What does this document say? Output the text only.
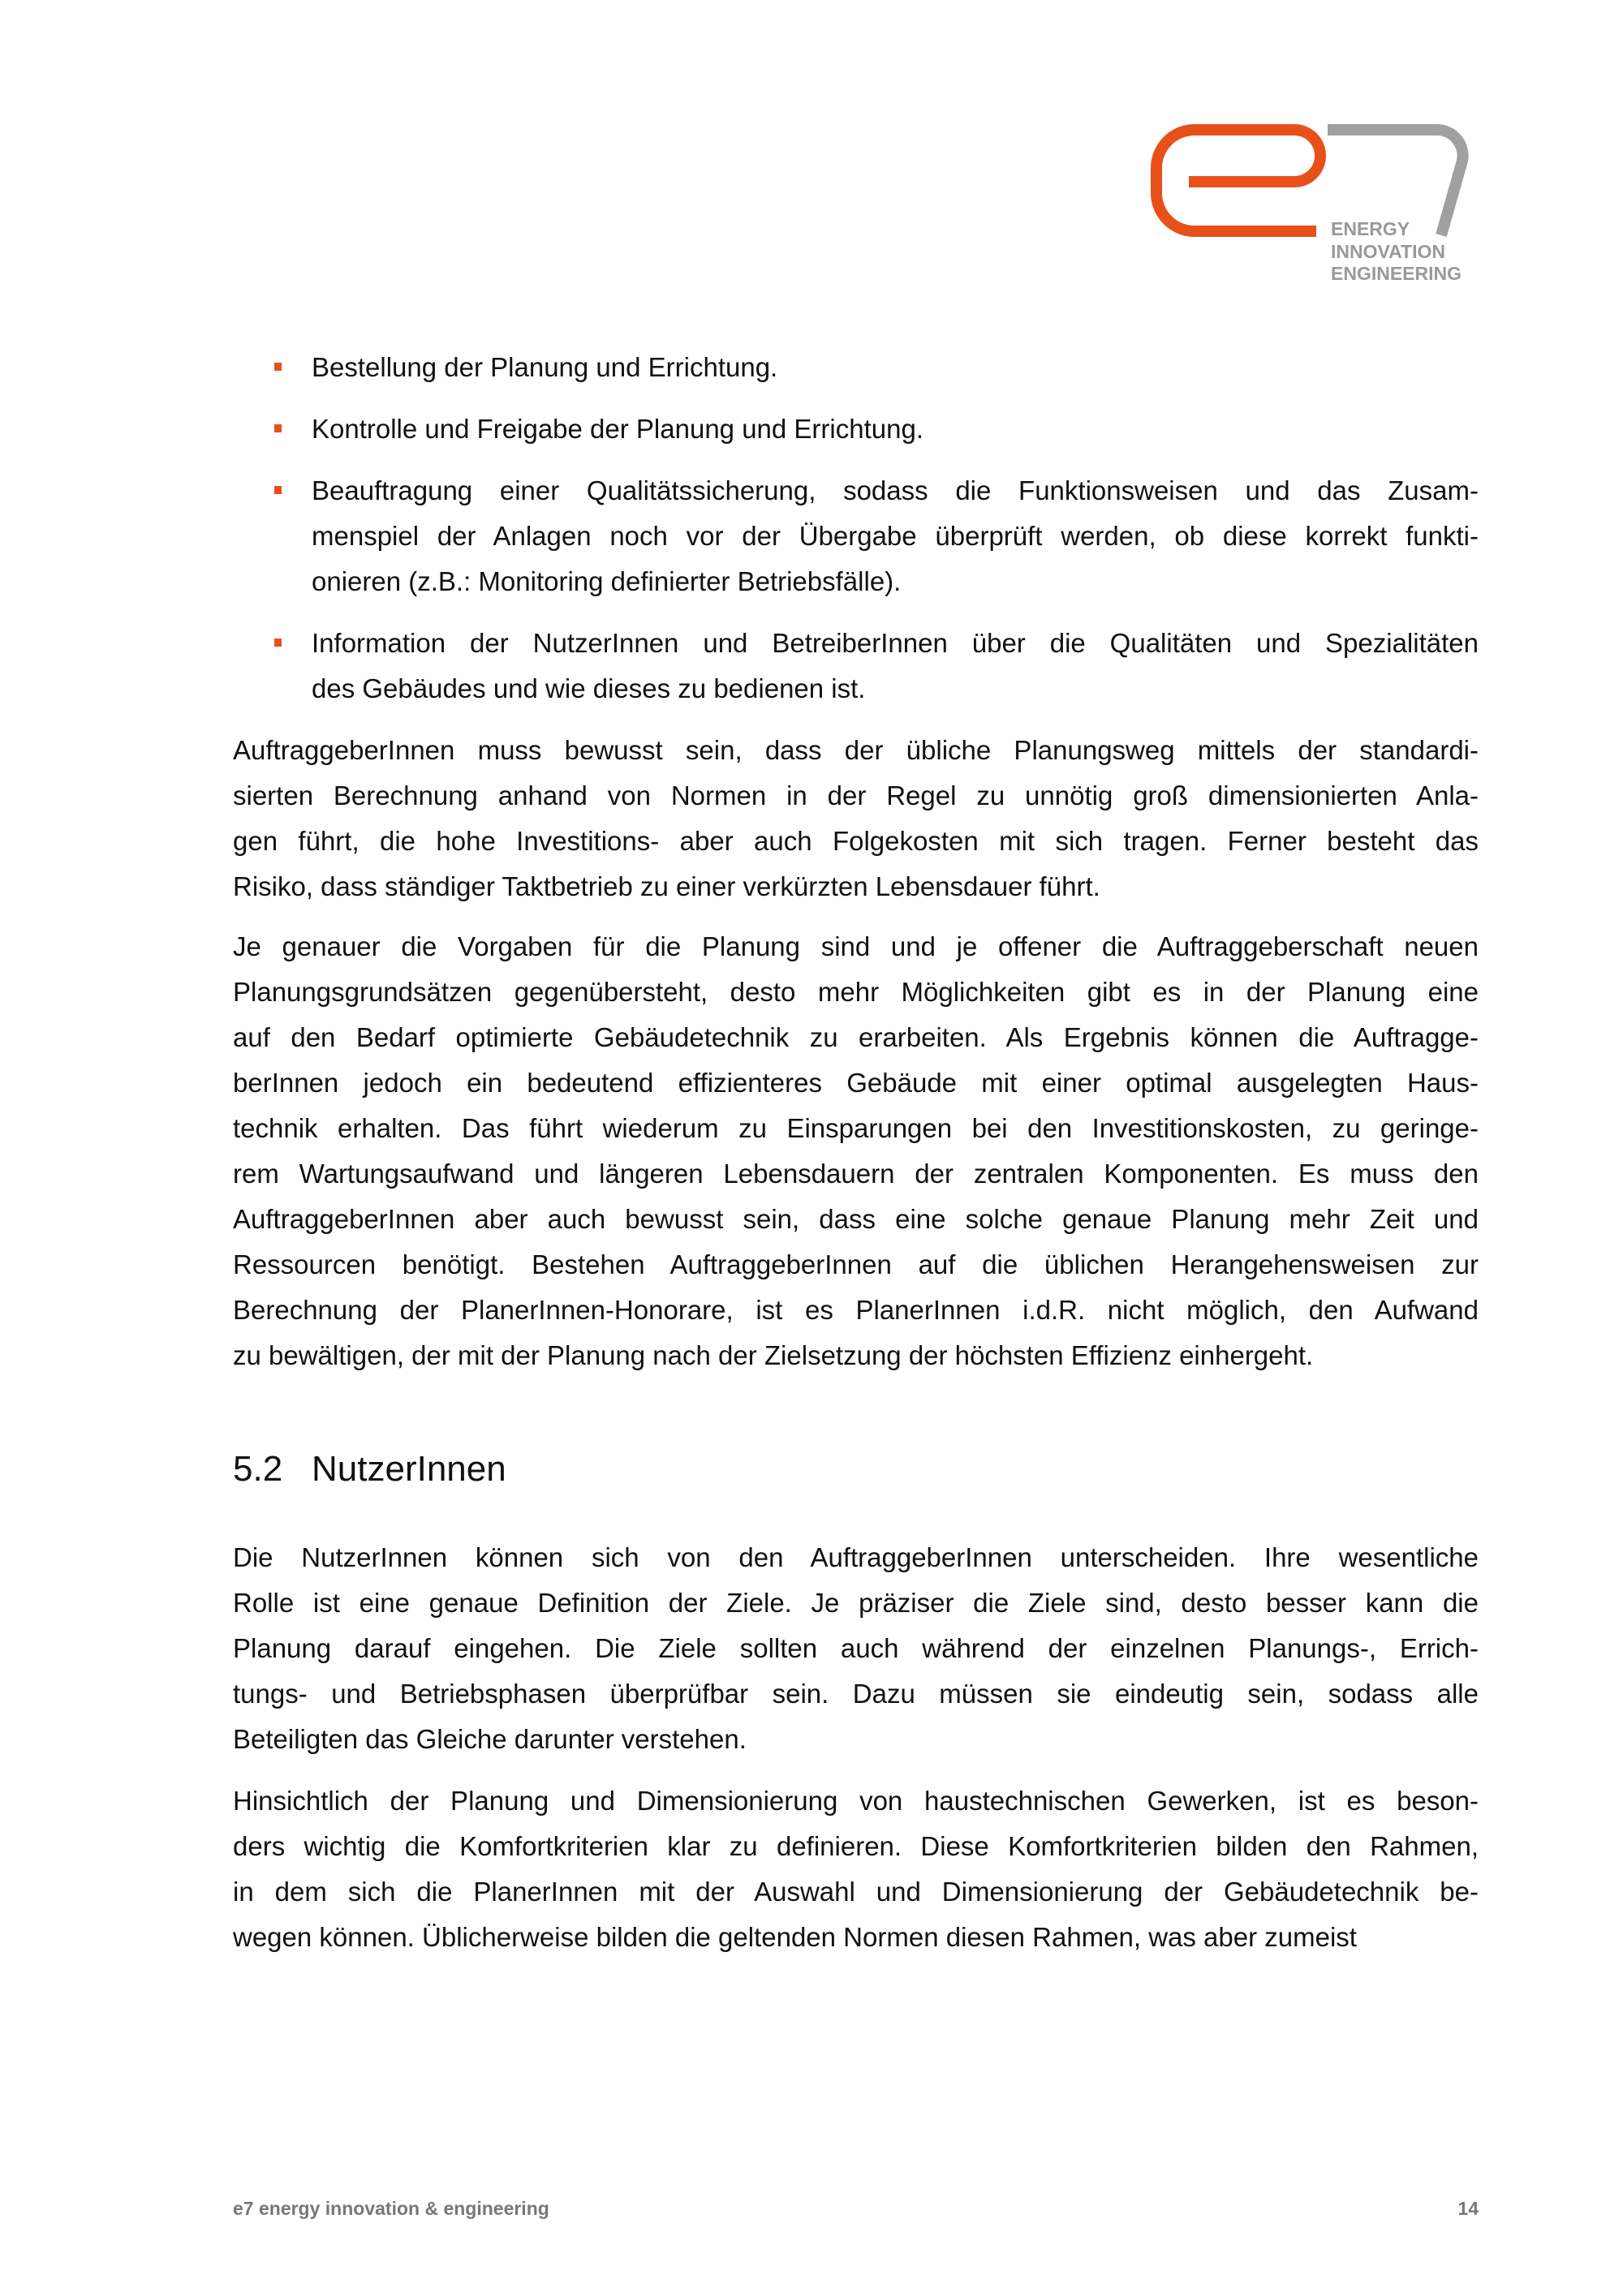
ENERGY
INNOVATION
ENGINEERING
Bestellung der Planung und Errichtung.
Kontrolle und Freigabe der Planung und Errichtung.
Beauftragung einer Qualitätssicherung, sodass die Funktionsweisen und das Zusam-
menspiel der Anlagen noch vor der Übergabe überprüft werden, ob diese korrekt funkti-
onieren (z.B.: Monitoring definierter Betriebsfälle).
Information der NutzerInnen und BetreiberInnen über die Qualitäten und Spezialitäten
des Gebäudes und wie dieses zu bedienen ist.
AuftraggeberInnen muss bewusst sein, dass der übliche Planungsweg mittels der standardi-
sierten Berechnung anhand von Normen in der Regel zu unnötig groß dimensionierten Anla-
gen führt, die hohe Investitions- aber auch Folgekosten mit sich tragen. Ferner besteht das
Risiko, dass ständiger Taktbetrieb zu einer verkürzten Lebensdauer führt.
Je genauer die Vorgaben für die Planung sind und je offener die Auftraggeberschaft neuen
Planungsgrundsätzen gegenübersteht, desto mehr Möglichkeiten gibt es in der Planung eine
auf den Bedarf optimierte Gebäudetechnik zu erarbeiten. Als Ergebnis können die Auftragge-
berInnen jedoch ein bedeutend effizienteres Gebäude mit einer optimal ausgelegten Haus-
technik erhalten. Das führt wiederum zu Einsparungen bei den Investitionskosten, zu geringe-
rem Wartungsaufwand und längeren Lebensdauern der zentralen Komponenten. Es muss den
AuftraggeberInnen aber auch bewusst sein, dass eine solche genaue Planung mehr Zeit und
Ressourcen benötigt. Bestehen AuftraggeberInnen auf die üblichen Herangehensweisen zur
Berechnung der PlanerInnen-Honorare, ist es PlanerInnen i.d.R. nicht möglich, den Aufwand
zu bewältigen, der mit der Planung nach der Zielsetzung der höchsten Effizienz einhergeht.
Die NutzerInnen können sich von den AuftraggeberInnen unterscheiden. Ihre wesentliche
Rolle ist eine genaue Definition der Ziele. Je präziser die Ziele sind, desto besser kann die
Planung darauf eingehen. Die Ziele sollten auch während der einzelnen Planungs-, Errich-
tungs- und Betriebsphasen überprüfbar sein. Dazu müssen sie eindeutig sein, sodass alle
Beteiligten das Gleiche darunter verstehen.
Hinsichtlich der Planung und Dimensionierung von haustechnischen Gewerken, ist es beson-
ders wichtig die Komfortkriterien klar zu definieren. Diese Komfortkriterien bilden den Rahmen,
in dem sich die PlanerInnen mit der Auswahl und Dimensionierung der Gebäudetechnik be-
wegen können. Üblicherweise bilden die geltenden Normen diesen Rahmen, was aber zumeist
5.2 NutzerInnen
e7 energy innovation & engineering	14
